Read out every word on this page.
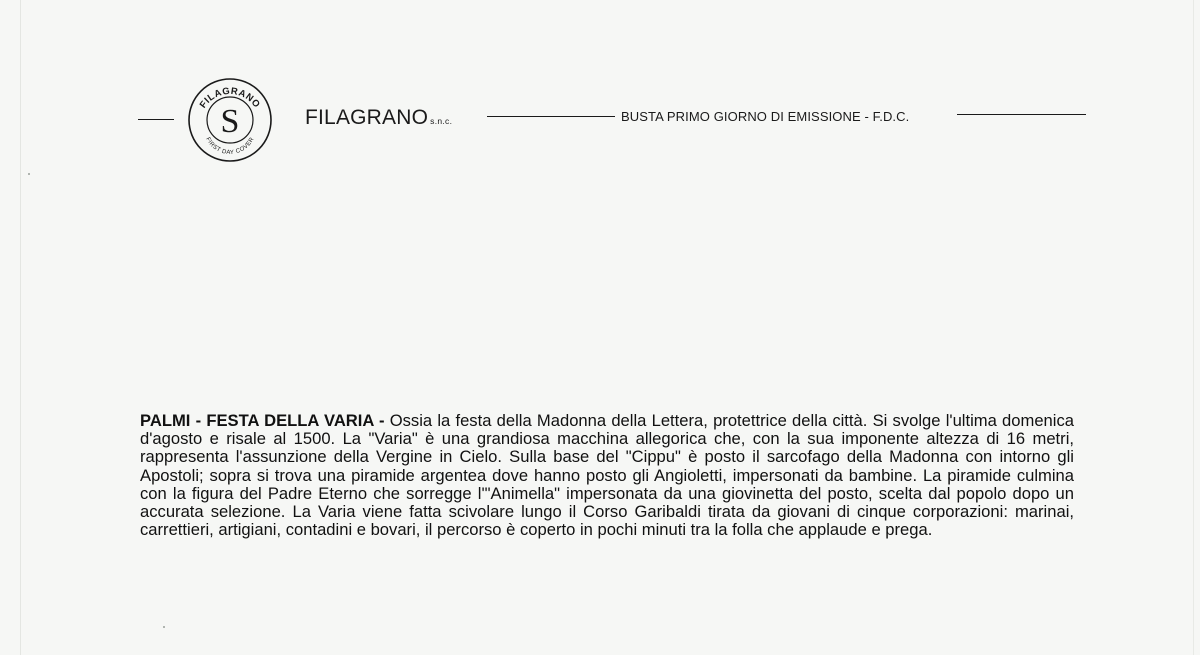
FILAGRANO
FIRST DAY COVER
S	FILAGRANO s.n.c.	BUSTA PRIMO GIORNO DI EMISSIONE - F.D.C.

PALMI - FESTA DELLA VARIA - Ossia la festa della Madonna della Lettera, protettrice della città. Si svolge l'ultima domenica d'agosto e risale al 1500. La "Varia" è una grandiosa macchina allegorica che, con la sua imponente altezza di 16 metri, rappresenta l'assunzione della Vergine in Cielo. Sulla base del "Cippu" è posto il sarcofago della Madonna con intorno gli Apostoli; sopra si trova una piramide argentea dove hanno posto gli Angioletti, impersonati da bambine. La piramide culmina con la figura del Padre Eterno che sorregge l'"Animella" impersonata da una giovinetta del posto, scelta dal popolo dopo un accurata selezione. La Varia viene fatta scivolare lungo il Corso Garibaldi tirata da giovani di cinque corporazioni: marinai, carrettieri, artigiani, contadini e bovari, il percorso è coperto in pochi minuti tra la folla che applaude e prega.
